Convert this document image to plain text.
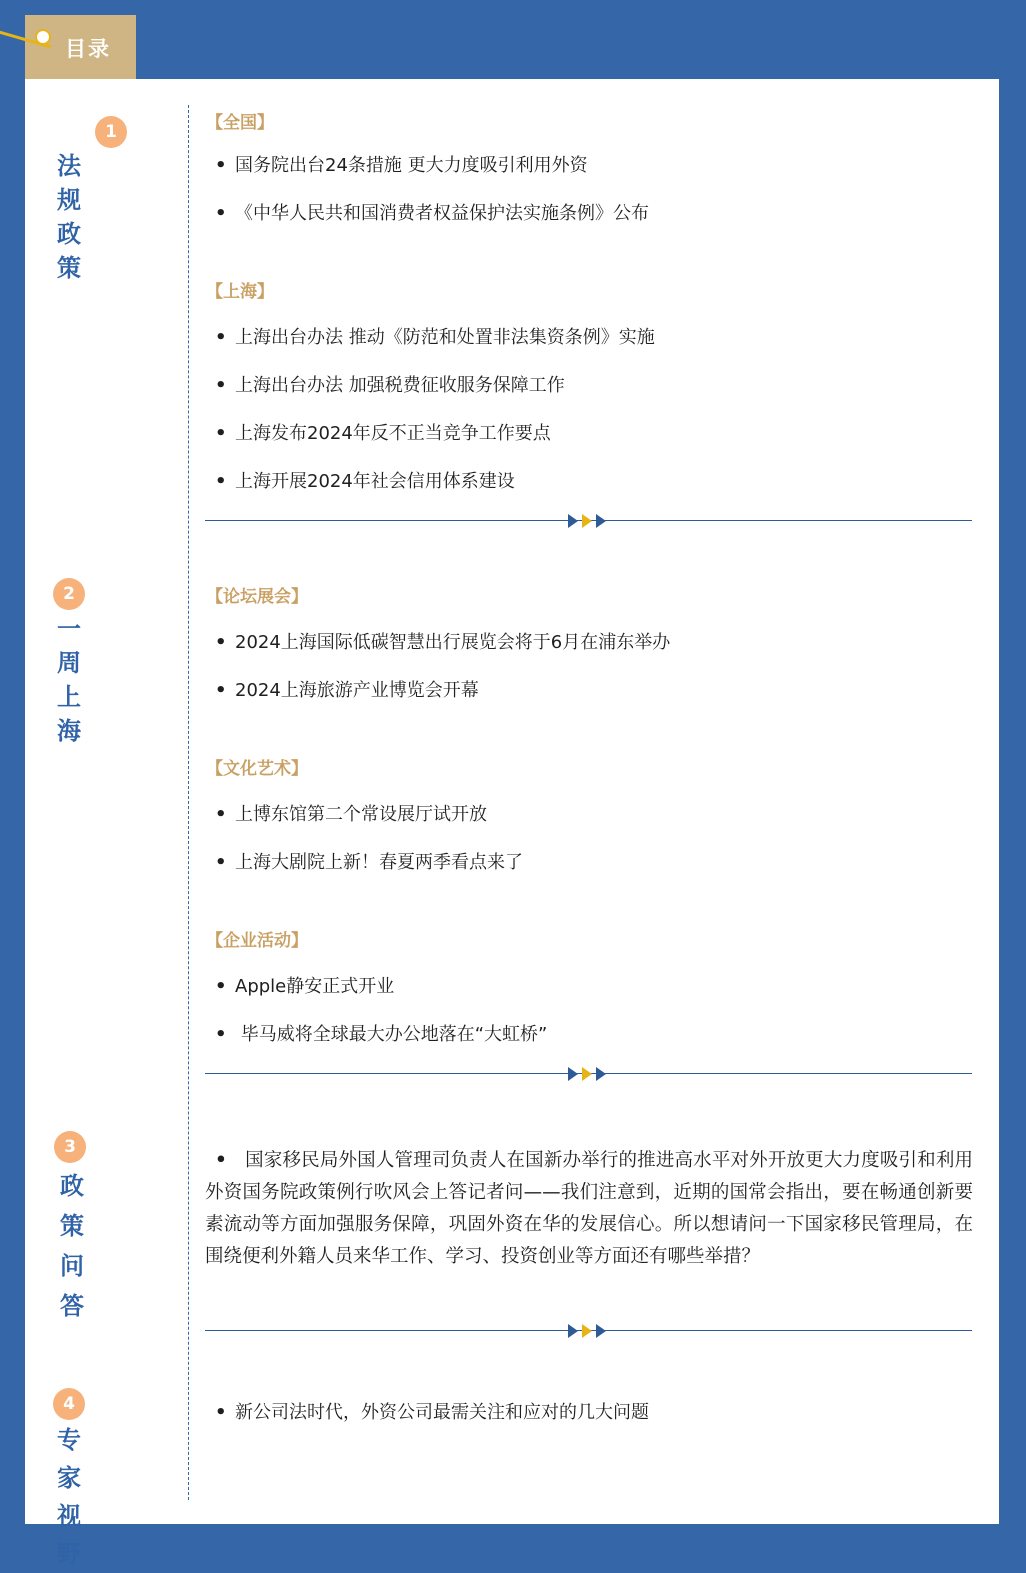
目录
1
法 规
政 策
【全国】
• 国务院出台24条措施 更大力度吸引利用外资
• 《中华人民共和国消费者权益保护法实施条例》公布
【上海】
• 上海出台办法 推动《防范和处置非法集资条例》实施
• 上海出台办法 加强税费征收服务保障工作
• 上海发布2024年反不正当竞争工作要点
• 上海开展2024年社会信用体系建设
2
一 周
上 海
【论坛展会】
• 2024上海国际低碳智慧出行展览会将于6月在浦东举办
• 2024上海旅游产业博览会开幕
【文化艺术】
• 上博东馆第二个常设展厅试开放
• 上海大剧院上新！春夏两季看点来了
【企业活动】
• Apple静安正式开业
• 毕马威将全球最大办公地落在“大虹桥”
3
政 策
问 答
• 国家移民局外国人管理司负责人在国新办举行的推进高水平对外开放更大力度吸引和利用外资国务院政策例行吹风会上答记者问——我们注意到，近期的国常会指出，要在畅通创新要素流动等方面加强服务保障，巩固外资在华的发展信心。所以想请问一下国家移民管理局，在围绕便利外籍人员来华工作、学习、投资创业等方面还有哪些举措？
4
专 家
视 野
• 新公司法时代，外资公司最需关注和应对的几大问题
